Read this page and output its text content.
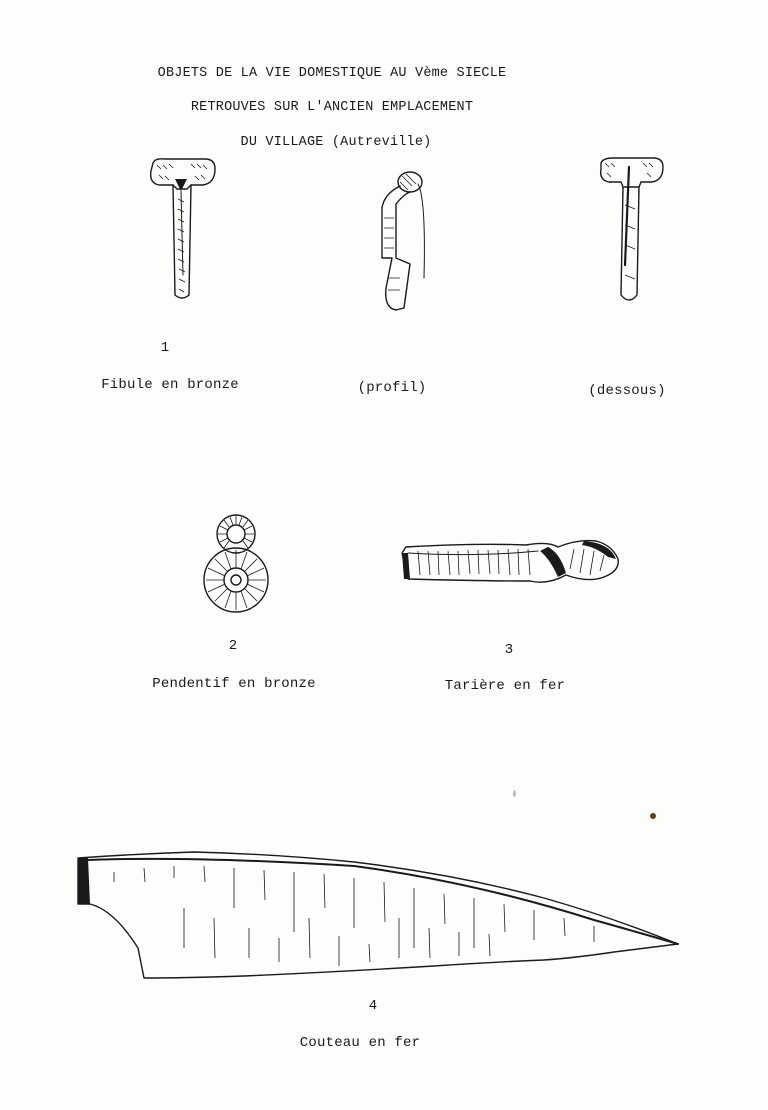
OBJETS DE LA VIE DOMESTIQUE AU Vème SIECLE
RETROUVES SUR L'ANCIEN EMPLACEMENT
DU VILLAGE (Autreville)
1
Fibule en bronze	(profil)	(dessous)
2
Pendentif en bronze
3
Tarière en fer
4
Couteau en fer
